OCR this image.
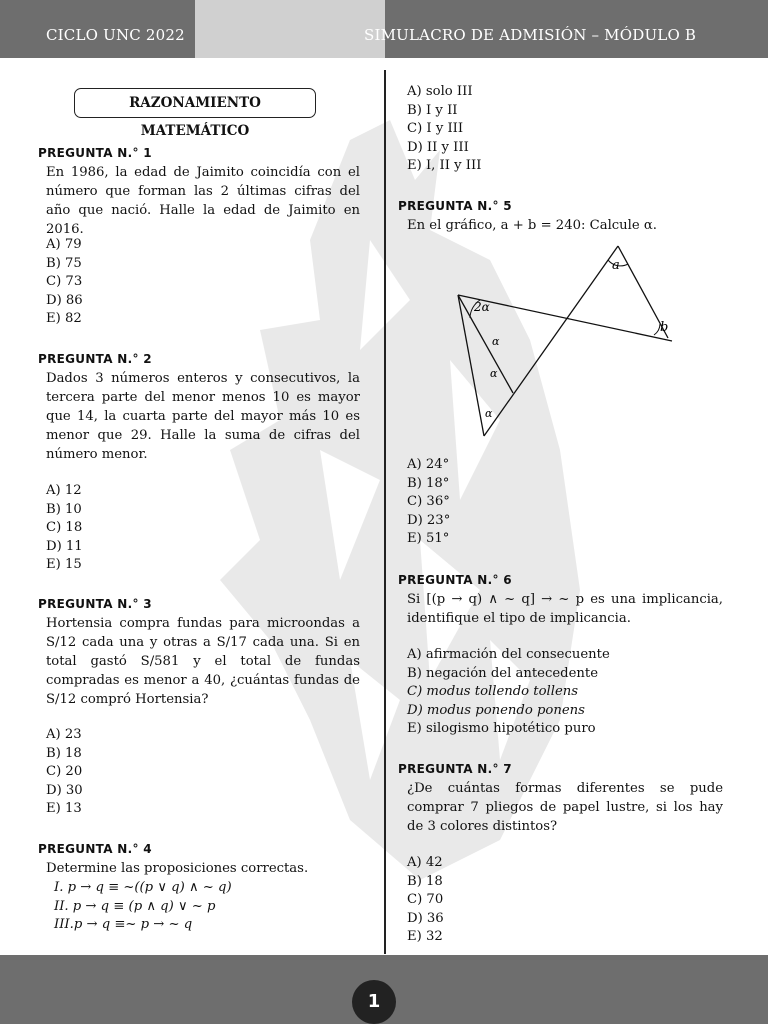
CICLO UNC 2022	SIMULACRO DE ADMISIÓN – MÓDULO B
RAZONAMIENTO MATEMÁTICO
PREGUNTA N.° 1
En 1986, la edad de Jaimito coincidía con el número que forman las 2 últimas cifras del año que nació. Halle la edad de Jaimito en 2016.
A) 79
B) 75
C) 73
D) 86
E) 82
PREGUNTA N.° 2
Dados 3 números enteros y consecutivos, la tercera parte del menor menos 10 es mayor que 14, la cuarta parte del mayor más 10 es menor que 29. Halle la suma de cifras del número menor.
A) 12
B) 10
C) 18
D) 11
E) 15
PREGUNTA N.° 3
Hortensia compra fundas para microondas a S/12 cada una y otras a S/17 cada una. Si en total gastó S/581 y el total de fundas compradas es menor a 40, ¿cuántas fundas de S/12 compró Hortensia?
A) 23
B) 18
C) 20
D) 30
E) 13
PREGUNTA N.° 4
Determine las proposiciones correctas.
I. p → q ≡ ~((p ∨ q) ∧ ~ q)
II. p → q ≡ (p ∧ q) ∨ ~ p
III.p → q ≡~ p → ~ q
A) solo III
B) I y II
C) I y III
D) II y III
E) I, II y III
PREGUNTA N.° 5
En el gráfico, a + b = 240: Calcule α.
2α
a
b
α
α
α
A) 24°
B) 18°
C) 36°
D) 23°
E) 51°
PREGUNTA N.° 6
Si [(p → q) ∧ ~ q] → ~ p es una implicancia, identifique el tipo de implicancia.
A) afirmación del consecuente
B) negación del antecedente
C) modus tollendo tollens
D) modus ponendo ponens
E) silogismo hipotético puro
PREGUNTA N.° 7
¿De cuántas formas diferentes se pude comprar 7 pliegos de papel lustre, si los hay de 3 colores distintos?
A) 42
B) 18
C) 70
D) 36
E) 32
1
